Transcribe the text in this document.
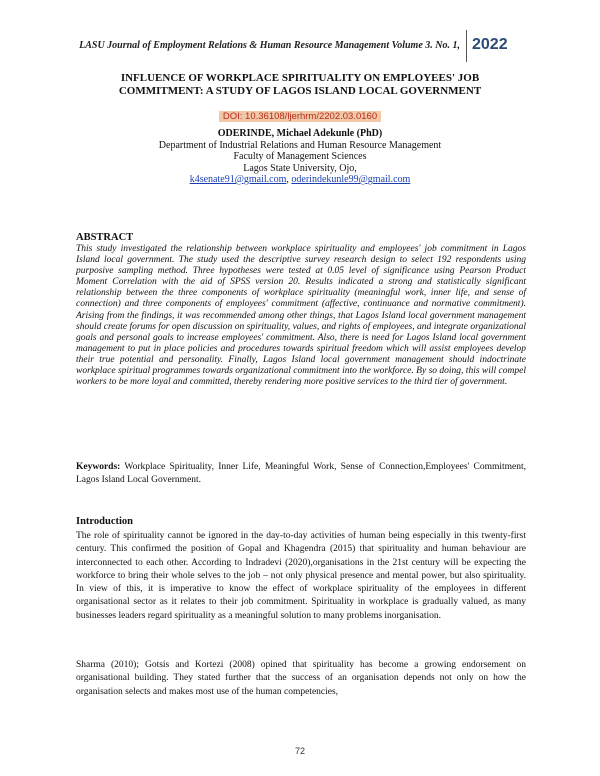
LASU Journal of Employment Relations & Human Resource Management Volume 3. No. 1, 2022
INFLUENCE OF WORKPLACE SPIRITUALITY ON EMPLOYEES' JOB
COMMITMENT: A STUDY OF LAGOS ISLAND LOCAL GOVERNMENT
DOI: 10.36108/ljerhrm/2202.03.0160
ODERINDE, Michael Adekunle (PhD)
Department of Industrial Relations and Human Resource Management
Faculty of Management Sciences
Lagos State University, Ojo,
k4senate91@gmail.com, oderindekunle99@gmail.com
ABSTRACT
This study investigated the relationship between workplace spirituality and employees' job commitment in Lagos Island local government. The study used the descriptive survey research design to select 192 respondents using purposive sampling method. Three hypotheses were tested at 0.05 level of significance using Pearson Product Moment Correlation with the aid of SPSS version 20. Results indicated a strong and statistically significant relationship between the three components of workplace spirituality (meaningful work, inner life, and sense of connection) and three components of employees' commitment (affective, continuance and normative commitment). Arising from the findings, it was recommended among other things, that Lagos Island local government management should create forums for open discussion on spirituality, values, and rights of employees, and integrate organizational goals and personal goals to increase employees' commitment. Also, there is need for Lagos Island local government management to put in place policies and procedures towards spiritual freedom which will assist employees develop their true potential and personality. Finally, Lagos Island local government management should indoctrinate workplace spiritual programmes towards organizational commitment into the workforce. By so doing, this will compel workers to be more loyal and committed, thereby rendering more positive services to the third tier of government.
Keywords: Workplace Spirituality, Inner Life, Meaningful Work, Sense of Connection,Employees' Commitment, Lagos Island Local Government.
Introduction
The role of spirituality cannot be ignored in the day-to-day activities of human being especially in this twenty-first century. This confirmed the position of Gopal and Khagendra (2015) that spirituality and human behaviour are interconnected to each other. According to Indradevi (2020),organisations in the 21st century will be expecting the workforce to bring their whole selves to the job – not only physical presence and mental power, but also spirituality. In view of this, it is imperative to know the effect of workplace spirituality of the employees in different organisational sector as it relates to their job commitment. Spirituality in workplace is gradually valued, as many businesses leaders regard spirituality as a meaningful solution to many problems inorganisation.
Sharma (2010); Gotsis and Kortezi (2008) opined that spirituality has become a growing endorsement on organisational building. They stated further that the success of an organisation depends not only on how the organisation selects and makes most use of the human competencies,
72
